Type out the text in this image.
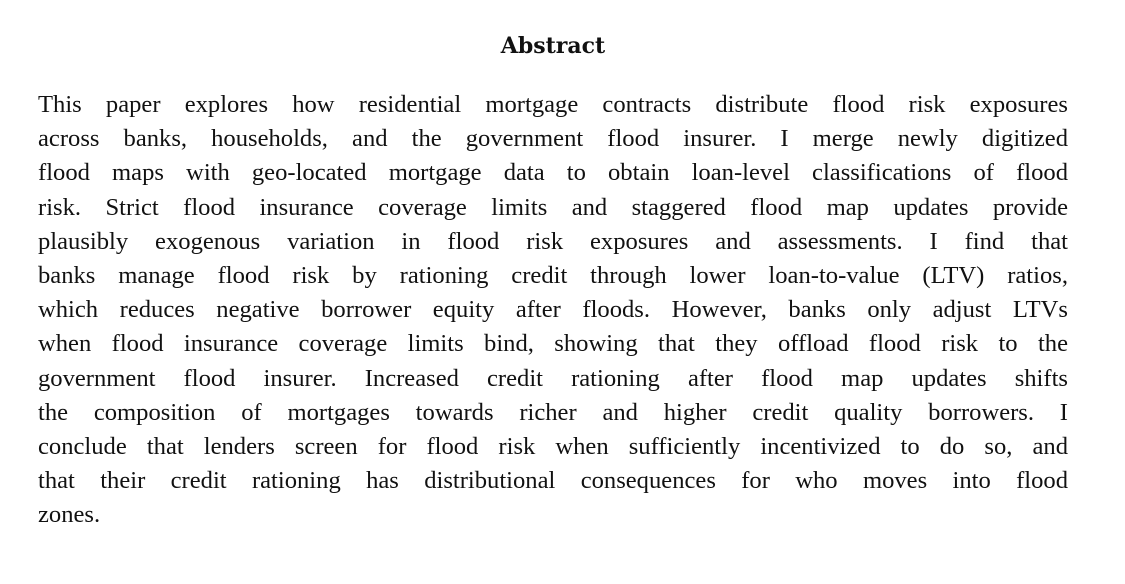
Abstract
This paper explores how residential mortgage contracts distribute flood risk exposures
across banks, households, and the government flood insurer. I merge newly digitized
flood maps with geo-located mortgage data to obtain loan-level classifications of flood
risk. Strict flood insurance coverage limits and staggered flood map updates provide
plausibly exogenous variation in flood risk exposures and assessments. I find that
banks manage flood risk by rationing credit through lower loan-to-value (LTV) ratios,
which reduces negative borrower equity after floods. However, banks only adjust LTVs
when flood insurance coverage limits bind, showing that they offload flood risk to the
government flood insurer. Increased credit rationing after flood map updates shifts
the composition of mortgages towards richer and higher credit quality borrowers. I
conclude that lenders screen for flood risk when sufficiently incentivized to do so, and
that their credit rationing has distributional consequences for who moves into flood
zones.
